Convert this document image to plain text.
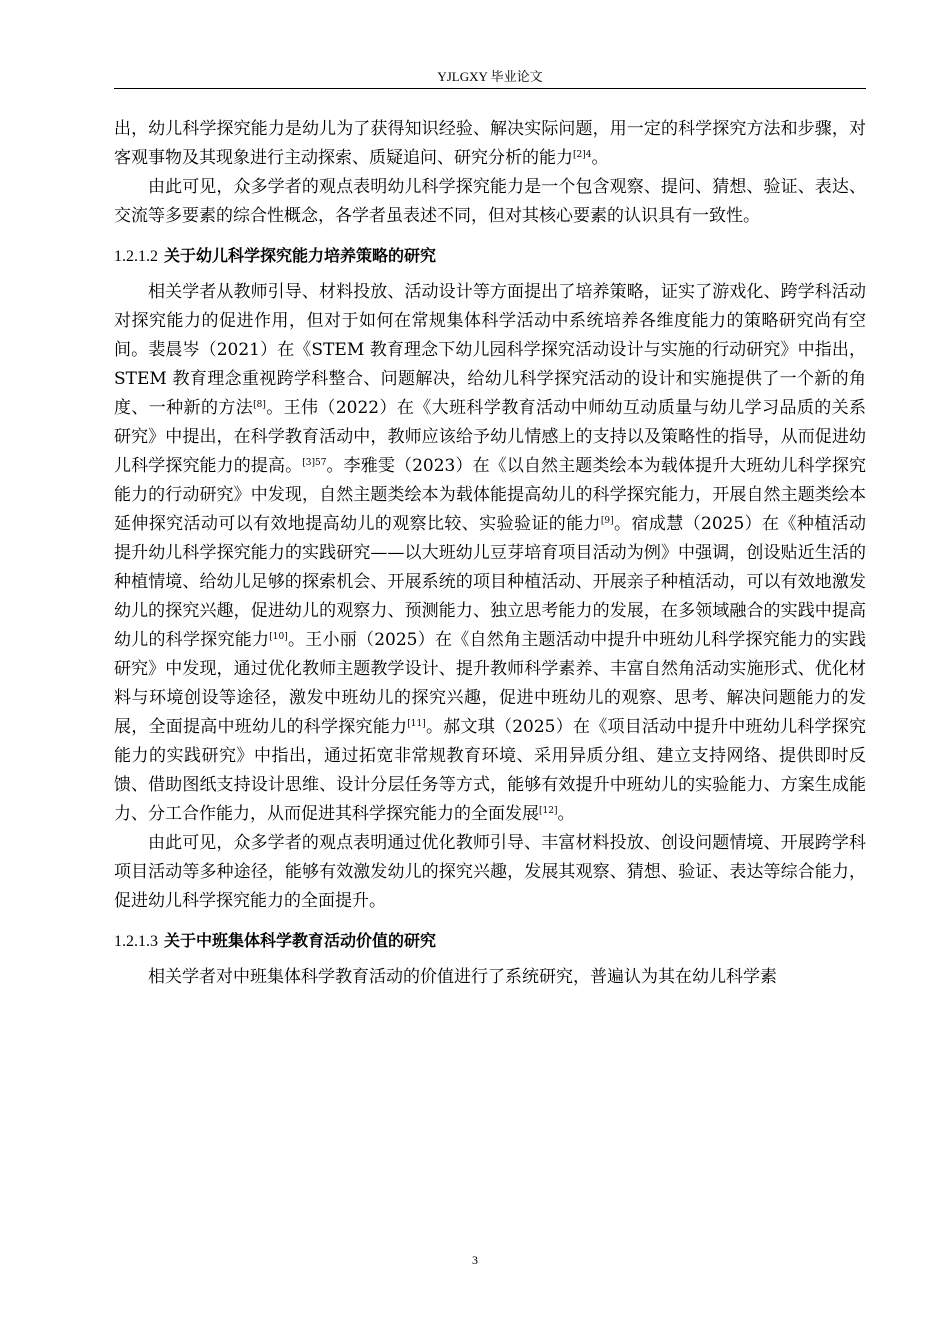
YJLGXY 毕业论文

出，幼儿科学探究能力是幼儿为了获得知识经验、解决实际问题，用一定的科学探究方法和步骤，对客观事物及其现象进行主动探索、质疑追问、研究分析的能力$^{[2]4}$。

由此可见，众多学者的观点表明幼儿科学探究能力是一个包含观察、提问、猜想、验证、表达、交流等多要素的综合性概念，各学者虽表述不同，但对其核心要素的认识具有一致性。

1.2.1.2 关于幼儿科学探究能力培养策略的研究

相关学者从教师引导、材料投放、活动设计等方面提出了培养策略，证实了游戏化、跨学科活动对探究能力的促进作用，但对于如何在常规集体科学活动中系统培养各维度能力的策略研究尚有空间。裴晨岑（2021）在《STEM 教育理念下幼儿园科学探究活动设计与实施的行动研究》中指出，STEM 教育理念重视跨学科整合、问题解决，给幼儿科学探究活动的设计和实施提供了一个新的角度、一种新的方法[8]。王伟（2022）在《大班科学教育活动中师幼互动质量与幼儿学习品质的关系研究》中提出，在科学教育活动中，教师应该给予幼儿情感上的支持以及策略性的指导，从而促进幼儿科学探究能力的提高。$^{[3]57}$。李雅雯（2023）在《以自然主题类绘本为载体提升大班幼儿科学探究能力的行动研究》中发现，自然主题类绘本为载体能提高幼儿的科学探究能力，开展自然主题类绘本延伸探究活动可以有效地提高幼儿的观察比较、实验验证的能力[9]。宿成慧（2025）在《种植活动提升幼儿科学探究能力的实践研究——以大班幼儿豆芽培育项目活动为例》中强调，创设贴近生活的种植情境、给幼儿足够的探索机会、开展系统的项目种植活动、开展亲子种植活动，可以有效地激发幼儿的探究兴趣，促进幼儿的观察力、预测能力、独立思考能力的发展，在多领域融合的实践中提高幼儿的科学探究能力[10]。王小丽（2025）在《自然角主题活动中提升中班幼儿科学探究能力的实践研究》中发现，通过优化教师主题教学设计、提升教师科学素养、丰富自然角活动实施形式、优化材料与环境创设等途径，激发中班幼儿的探究兴趣，促进中班幼儿的观察、思考、解决问题能力的发展，全面提高中班幼儿的科学探究能力[11]。郝文琪（2025）在《项目活动中提升中班幼儿科学探究能力的实践研究》中指出，通过拓宽非常规教育环境、采用异质分组、建立支持网络、提供即时反馈、借助图纸支持设计思维、设计分层任务等方式，能够有效提升中班幼儿的实验能力、方案生成能力、分工合作能力，从而促进其科学探究能力的全面发展[12]。

由此可见，众多学者的观点表明通过优化教师引导、丰富材料投放、创设问题情境、开展跨学科项目活动等多种途径，能够有效激发幼儿的探究兴趣，发展其观察、猜想、验证、表达等综合能力，促进幼儿科学探究能力的全面提升。

1.2.1.3 关于中班集体科学教育活动价值的研究

相关学者对中班集体科学教育活动的价值进行了系统研究，普遍认为其在幼儿科学素

3
